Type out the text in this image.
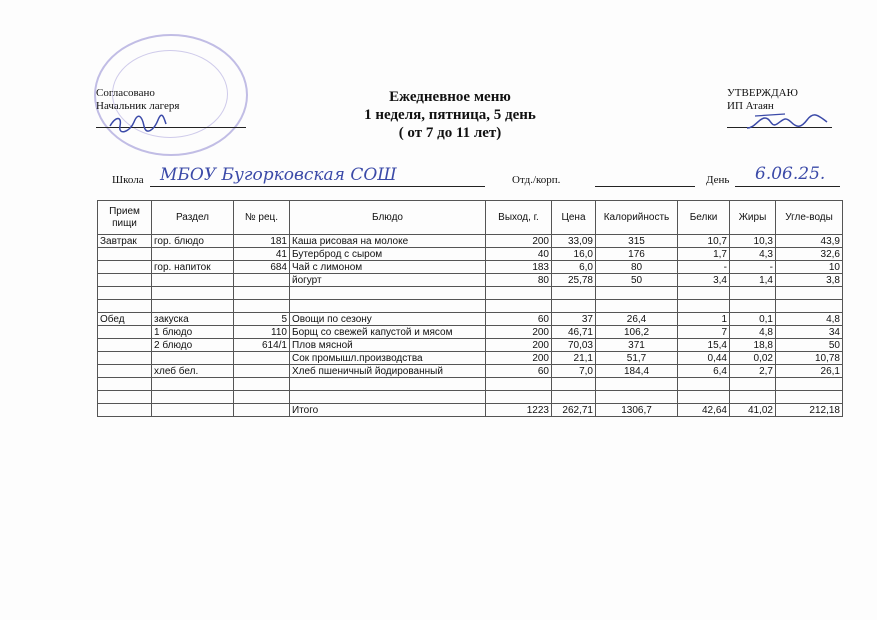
Согласовано
Начальник лагеря
Ежедневное меню
1 неделя, пятница, 5 день
( от 7 до 11 лет)
УТВЕРЖДАЮ
ИП Атаян
Школа МБОУ Бугорковская СОШ	Отд./корп.	День 6.06.25.
Прием пищи	Раздел	№ рец.	Блюдо	Выход, г.	Цена	Калорийность	Белки	Жиры	Угле-воды
Завтрак	гор. блюдо	181	Каша рисовая на молоке	200	33,09	315	10,7	10,3	43,9
		41	Бутерброд с сыром	40	16,0	176	1,7	4,3	32,6
	гор. напиток	684	Чай с лимоном	183	6,0	80	-	-	10
			йогурт	80	25,78	50	3,4	1,4	3,8

Обед	закуска	5	Овощи по сезону	60	37	26,4	1	0,1	4,8
	1 блюдо	110	Борщ со свежей капустой и мясом	200	46,71	106,2	7	4,8	34
	2 блюдо	614/1	Плов мясной	200	70,03	371	15,4	18,8	50
			Сок промышл.производства	200	21,1	51,7	0,44	0,02	10,78
	хлеб бел.		Хлеб пшеничный йодированный	60	7,0	184,4	6,4	2,7	26,1

			Итого	1223	262,71	1306,7	42,64	41,02	212,18
